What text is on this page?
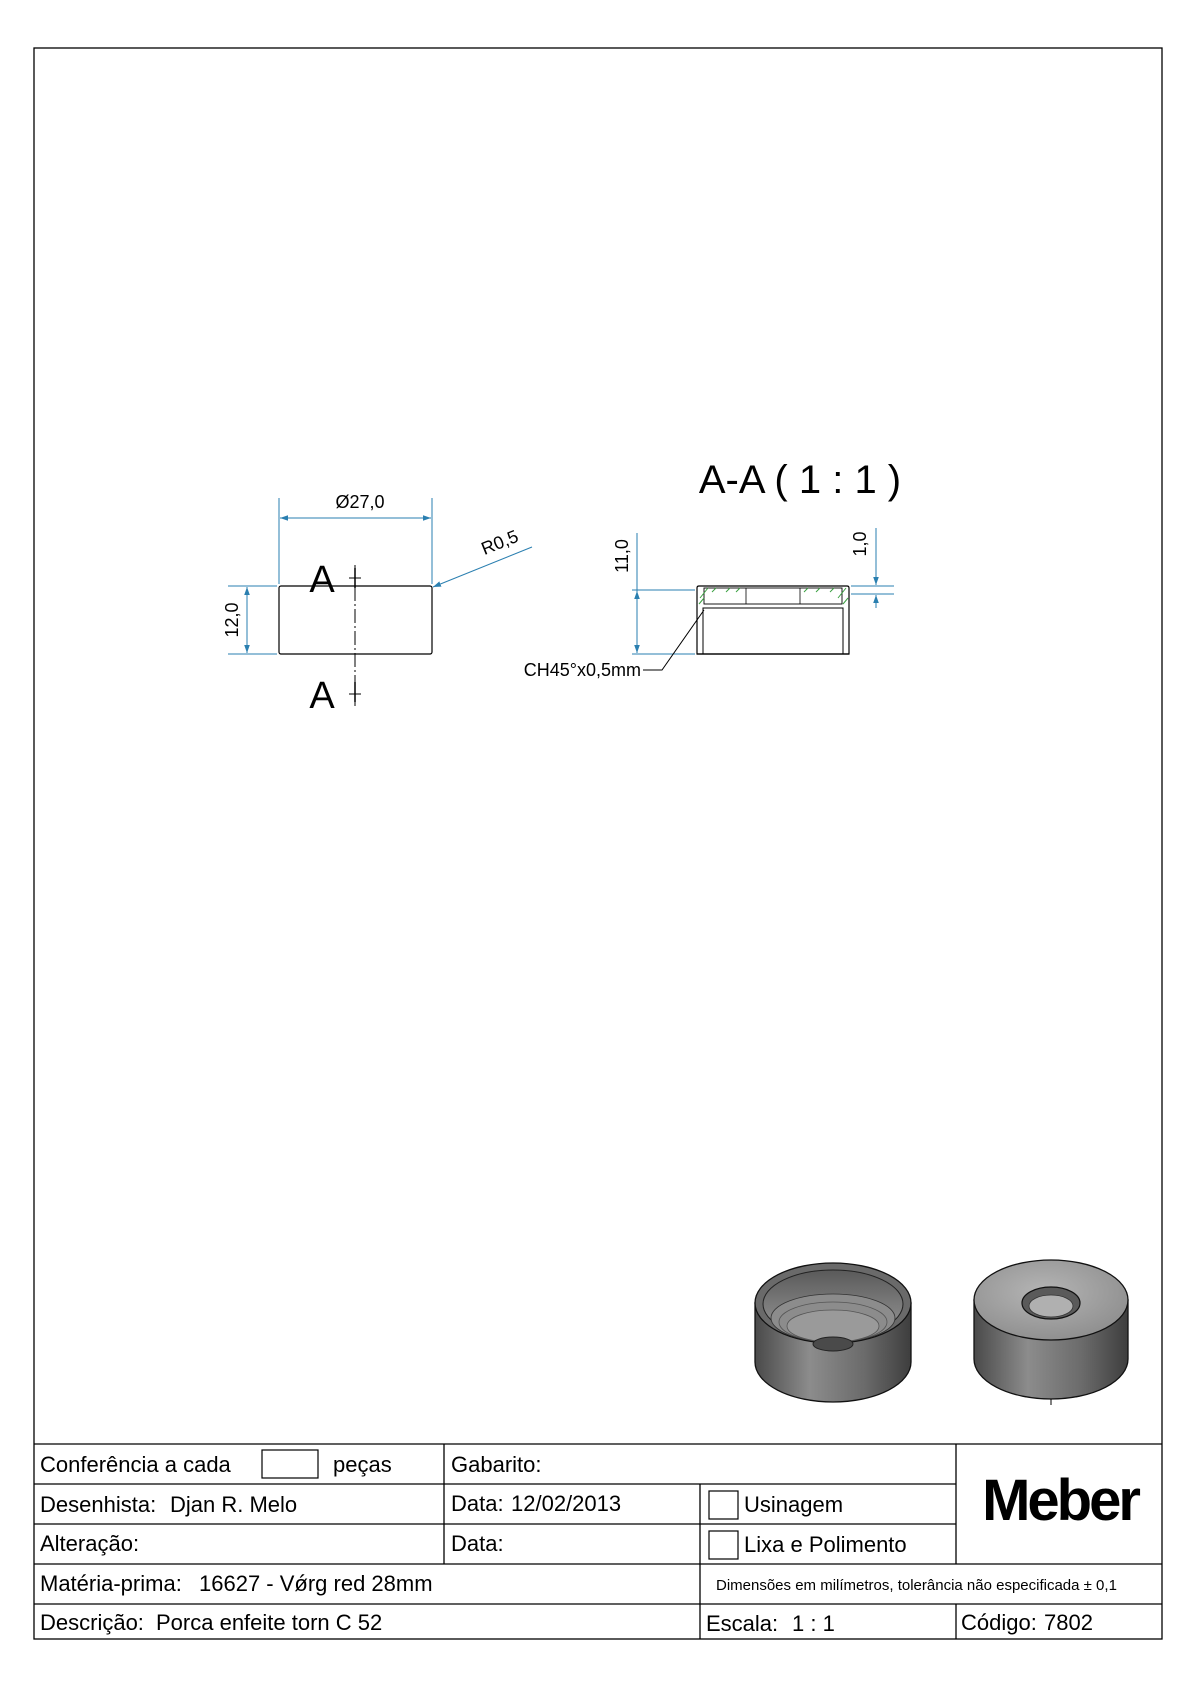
A
A
Ø27,0
12,0
R0,5
A-A ( 1 : 1 )
11,0	1,0
CH45°x0,5mm
Conferência a cada	peças	Gabarito:
Desenhista: Djan R. Melo	Data: 12/02/2013	Usinagem
Alteração:	Data:	Lixa e Polimento
Meber
Matéria-prima: 16627 - Vǿrg red 28mm	Dimensões em milímetros, tolerância não especificada ± 0,1
Descrição: Porca enfeite torn C 52	Escala: 1 : 1	Código: 7802
